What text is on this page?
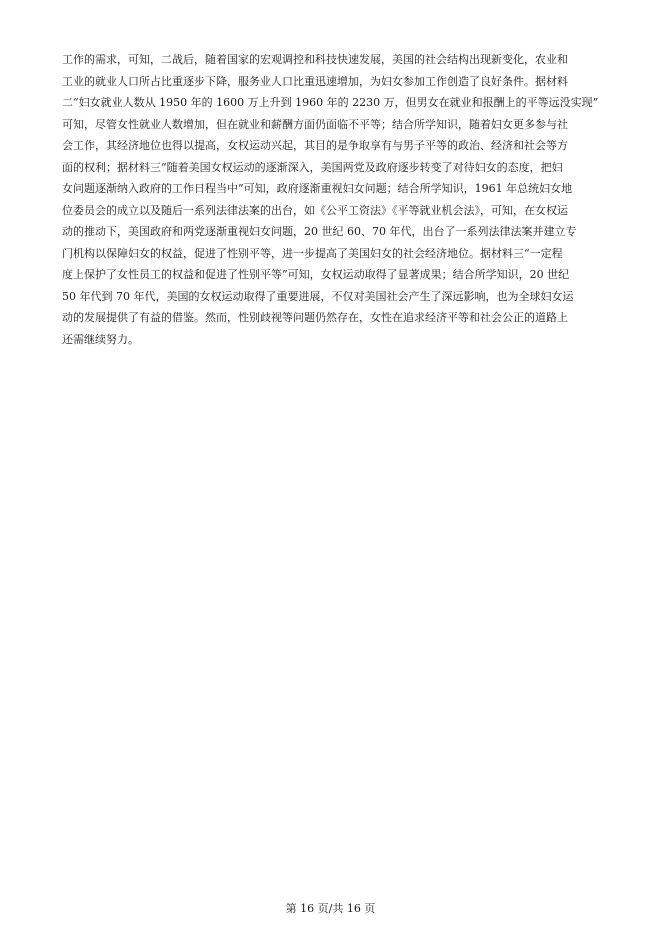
工作的需求，可知，二战后，随着国家的宏观调控和科技快速发展，美国的社会结构出现新变化，农业和
工业的就业人口所占比重逐步下降，服务业人口比重迅速增加，为妇女参加工作创造了良好条件。据材料
二“妇女就业人数从 1950 年的 1600 万上升到 1960 年的 2230 万，但男女在就业和报酬上的平等远没实现”
可知，尽管女性就业人数增加，但在就业和薪酬方面仍面临不平等；结合所学知识，随着妇女更多参与社
会工作，其经济地位也得以提高，女权运动兴起，其目的是争取享有与男子平等的政治、经济和社会等方
面的权利；据材料三“随着美国女权运动的逐渐深入，美国两党及政府逐步转变了对待妇女的态度，把妇
女问题逐渐纳入政府的工作日程当中”可知，政府逐渐重视妇女问题；结合所学知识，1961 年总统妇女地
位委员会的成立以及随后一系列法律法案的出台，如《公平工资法》《平等就业机会法》，可知，在女权运
动的推动下，美国政府和两党逐渐重视妇女问题，20 世纪 60、70 年代，出台了一系列法律法案并建立专
门机构以保障妇女的权益，促进了性别平等，进一步提高了美国妇女的社会经济地位。据材料三“一定程
度上保护了女性员工的权益和促进了性别平等”可知，女权运动取得了显著成果；结合所学知识，20 世纪
50 年代到 70 年代，美国的女权运动取得了重要进展，不仅对美国社会产生了深远影响，也为全球妇女运
动的发展提供了有益的借鉴。然而，性别歧视等问题仍然存在，女性在追求经济平等和社会公正的道路上
还需继续努力。
第 16 页/共 16 页
